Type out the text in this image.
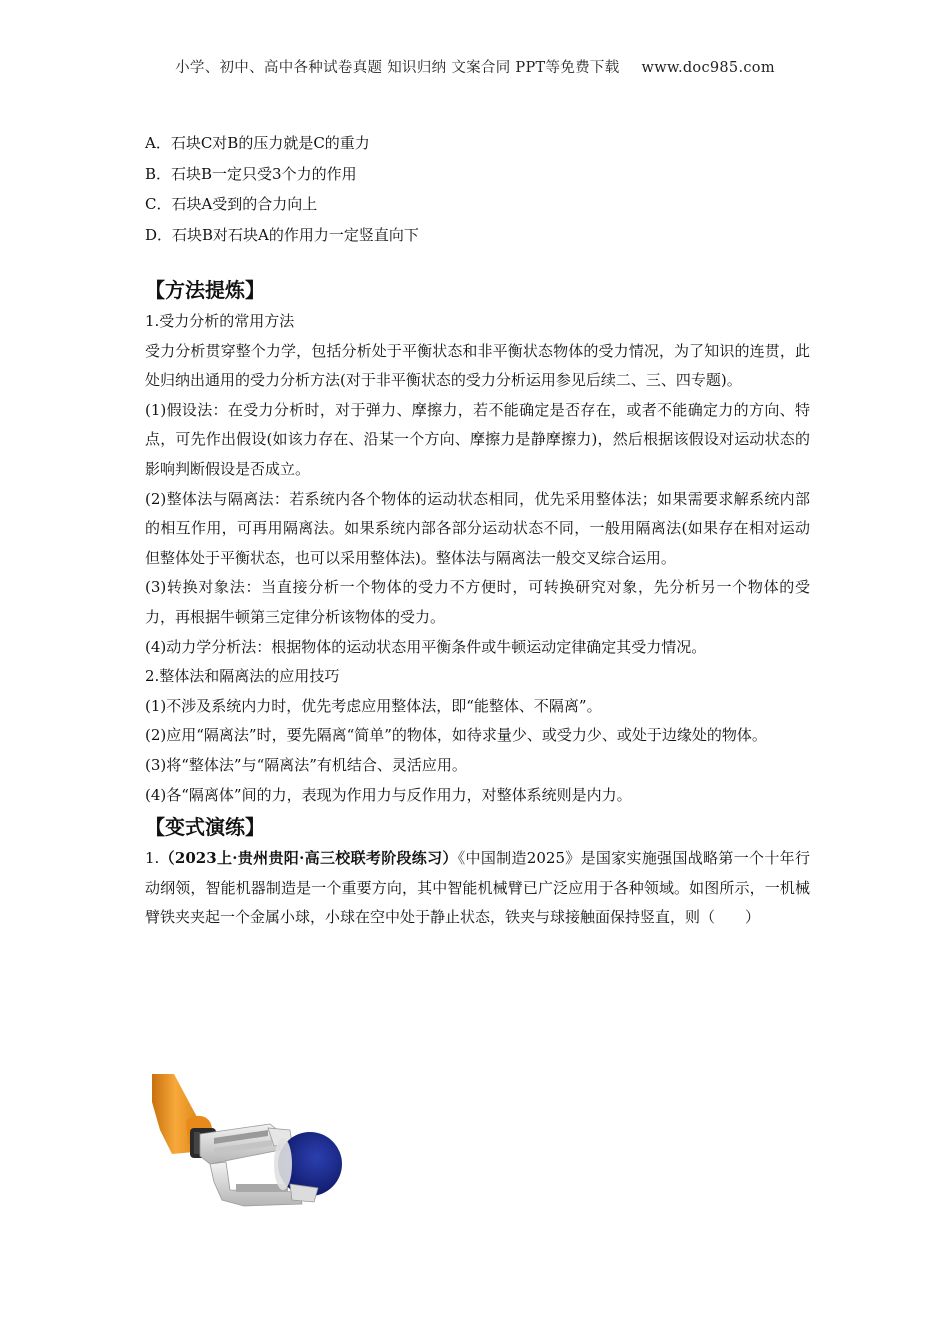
小学、初中、高中各种试卷真题 知识归纳 文案合同 PPT等免费下载 www.doc985.com

A．石块C对B的压力就是C的重力

B．石块B一定只受3个力的作用

C．石块A受到的合力向上

D．石块B对石块A的作用力一定竖直向下

【方法提炼】

1.受力分析的常用方法

受力分析贯穿整个力学，包括分析处于平衡状态和非平衡状态物体的受力情况，为了知识的连贯，此处归纳出通用的受力分析方法(对于非平衡状态的受力分析运用参见后续二、三、四专题)。

(1)假设法：在受力分析时，对于弹力、摩擦力，若不能确定是否存在，或者不能确定力的方向、特点，可先作出假设(如该力存在、沿某一个方向、摩擦力是静摩擦力)，然后根据该假设对运动状态的影响判断假设是否成立。

(2)整体法与隔离法：若系统内各个物体的运动状态相同，优先采用整体法；如果需要求解系统内部的相互作用，可再用隔离法。如果系统内部各部分运动状态不同，一般用隔离法(如果存在相对运动但整体处于平衡状态，也可以采用整体法)。整体法与隔离法一般交叉综合运用。

(3)转换对象法：当直接分析一个物体的受力不方便时，可转换研究对象，先分析另一个物体的受力，再根据牛顿第三定律分析该物体的受力。

(4)动力学分析法：根据物体的运动状态用平衡条件或牛顿运动定律确定其受力情况。

2.整体法和隔离法的应用技巧

(1)不涉及系统内力时，优先考虑应用整体法，即“能整体、不隔离”。

(2)应用“隔离法”时，要先隔离“简单”的物体，如待求量少、或受力少、或处于边缘处的物体。

(3)将“整体法”与“隔离法”有机结合、灵活应用。

(4)各“隔离体”间的力，表现为作用力与反作用力，对整体系统则是内力。

【变式演练】

1.（2023上·贵州贵阳·高三校联考阶段练习）《中国制造2025》是国家实施强国战略第一个十年行动纲领，智能机器制造是一个重要方向，其中智能机械臂已广泛应用于各种领域。如图所示，一机械臂铁夹夹起一个金属小球，小球在空中处于静止状态，铁夹与球接触面保持竖直，则（　　）
